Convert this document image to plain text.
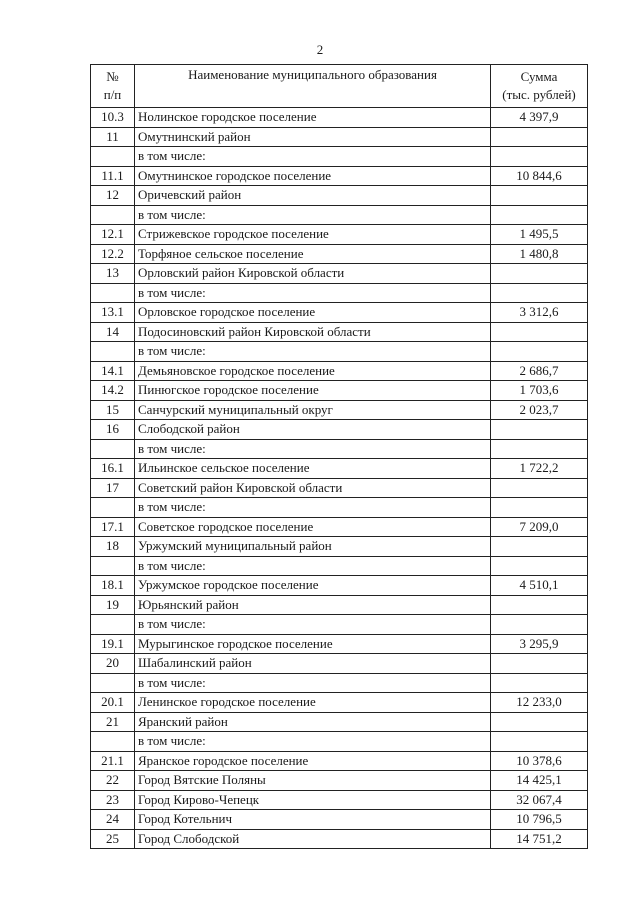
2
№
п/п	Наименование муниципального образования	Сумма
(тыс. рублей)

10.3	Нолинское городское поселение	4 397,9
11	Омутнинский район	
	в том числе:	
11.1	Омутнинское городское поселение	10 844,6
12	Оричевский район	
	в том числе:	
12.1	Стрижевское городское поселение	1 495,5
12.2	Торфяное сельское поселение	1 480,8
13	Орловский район Кировской области	
	в том числе:	
13.1	Орловское городское поселение	3 312,6
14	Подосиновский район Кировской области	
	в том числе:	
14.1	Демьяновское городское поселение	2 686,7
14.2	Пинюгское городское поселение	1 703,6
15	Санчурский муниципальный округ	2 023,7
16	Слободской район	
	в том числе:	
16.1	Ильинское сельское поселение	1 722,2
17	Советский район Кировской области	
	в том числе:	
17.1	Советское городское поселение	7 209,0
18	Уржумский муниципальный район	
	в том числе:	
18.1	Уржумское городское поселение	4 510,1
19	Юрьянский район	
	в том числе:	
19.1	Мурыгинское городское поселение	3 295,9
20	Шабалинский район	
	в том числе:	
20.1	Ленинское городское поселение	12 233,0
21	Яранский район	
	в том числе:	
21.1	Яранское городское поселение	10 378,6
22	Город Вятские Поляны	14 425,1
23	Город Кирово-Чепецк	32 067,4
24	Город Котельнич	10 796,5
25	Город Слободской	14 751,2
